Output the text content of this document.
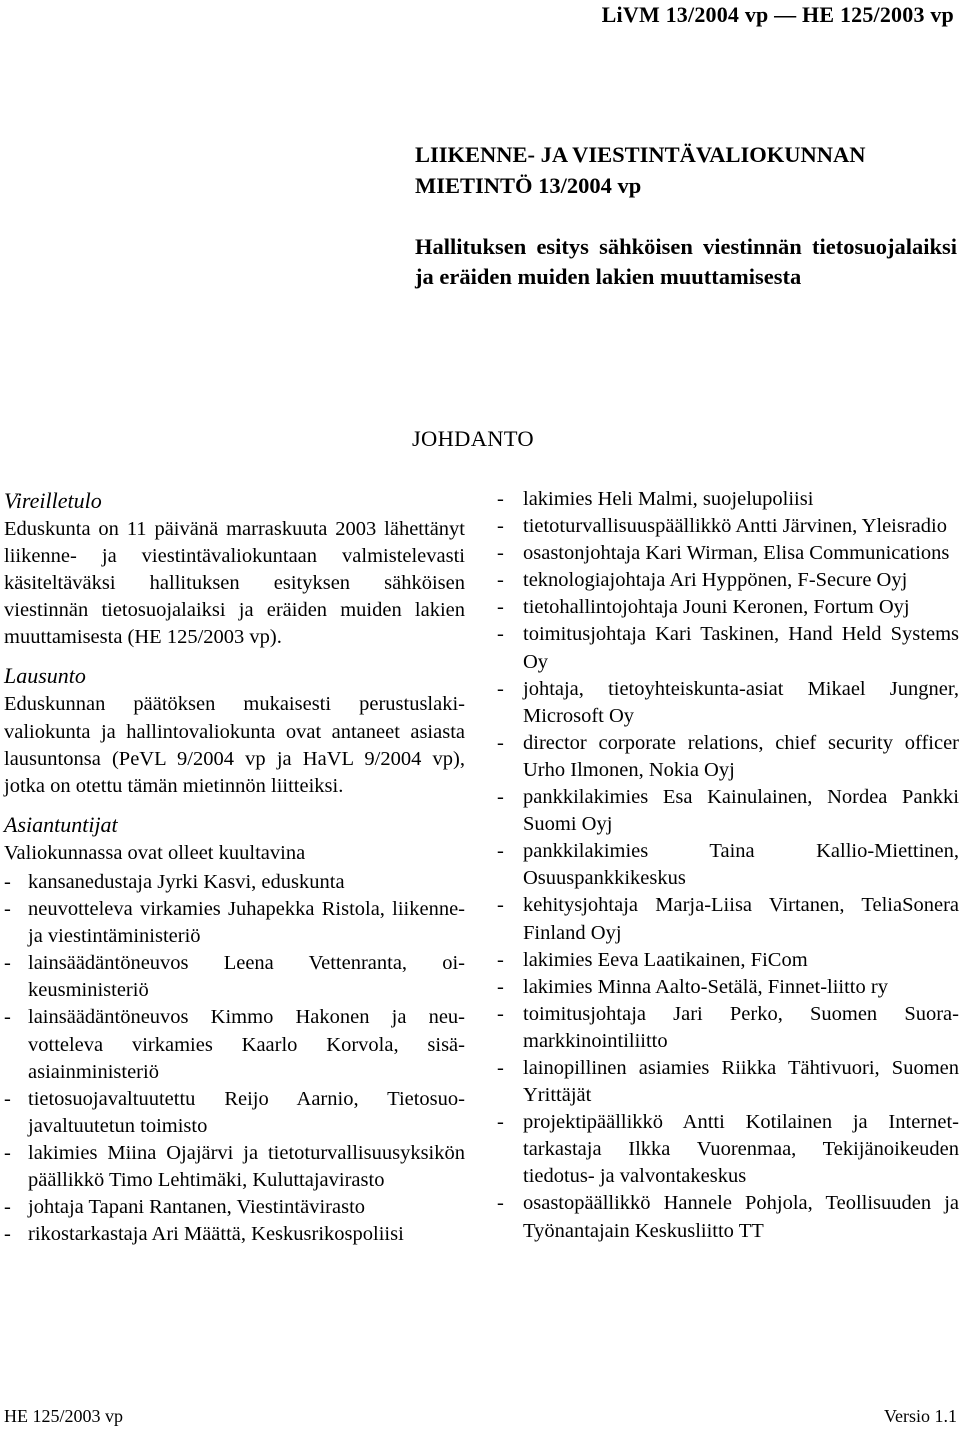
LiVM 13/2004 vp — HE 125/2003 vp
LIIKENNE- JA VIESTINTÄVALIOKUNNAN
MIETINTÖ 13/2004 vp
Hallituksen esitys sähköisen viestinnän tietosuojalaiksi ja eräiden muiden lakien muuttamisesta
JOHDANTO

Vireilletulo

Eduskunta on 11 päivänä marraskuuta 2003 lähettänyt liikenne- ja viestintävaliokuntaan valmistelevasti käsiteltäväksi hallituksen esityksen sähköisen viestinnän tietosuojalaiksi ja eräiden muiden lakien muuttamisesta (HE 125/2003 vp).

Lausunto

Eduskunnan päätöksen mukaisesti perustuslakivaliokunta ja hallintovaliokunta ovat antaneet asiasta lausuntonsa (PeVL 9/2004 vp ja HaVL 9/2004 vp), jotka on otettu tämän mietinnön liitteiksi.

Asiantuntijat

Valiokunnassa ovat olleet kuultavina

- kansanedustaja Jyrki Kasvi, eduskunta
- neuvotteleva virkamies Juhapekka Ristola, liikenne- ja viestintäministeriö
- lainsäädäntöneuvos Leena Vettenranta, oikeusministeriö
- lainsäädäntöneuvos Kimmo Hakonen ja neuvotteleva virkamies Kaarlo Korvola, sisäasiainministeriö
- tietosuojavaltuutettu Reijo Aarnio, Tietosuojavaltuutetun toimisto
- lakimies Miina Ojajärvi ja tietoturvallisuusyksikön päällikkö Timo Lehtimäki, Kuluttajavirasto
- johtaja Tapani Rantanen, Viestintävirasto
- rikostarkastaja Ari Määttä, Keskusrikospoliisi
- lakimies Heli Malmi, suojelupoliisi
- tietoturvallisuuspäällikkö Antti Järvinen, Yleisradio
- osastonjohtaja Kari Wirman, Elisa Communications
- teknologiajohtaja Ari Hyppönen, F-Secure Oyj
- tietohallintojohtaja Jouni Keronen, Fortum Oyj
- toimitusjohtaja Kari Taskinen, Hand Held Systems Oy
- johtaja, tietoyhteiskunta-asiat Mikael Jungner, Microsoft Oy
- director corporate relations, chief security officer Urho Ilmonen, Nokia Oyj
- pankkilakimies Esa Kainulainen, Nordea Pankki Suomi Oyj
- pankkilakimies Taina Kallio-Miettinen, Osuuspankkikeskus
- kehitysjohtaja Marja-Liisa Virtanen, TeliaSonera Finland Oyj
- lakimies Eeva Laatikainen, FiCom
- lakimies Minna Aalto-Setälä, Finnet-liitto ry
- toimitusjohtaja Jari Perko, Suomen Suoramarkkinointiliitto
- lainopillinen asiamies Riikka Tähtivuori, Suomen Yrittäjät
- projektipäällikkö Antti Kotilainen ja Internettarkastaja Ilkka Vuorenmaa, Tekijänoikeuden tiedotus- ja valvontakeskus
- osastopäällikkö Hannele Pohjola, Teollisuuden ja Työnantajain Keskusliitto TT
HE 125/2003 vp	Versio 1.1
